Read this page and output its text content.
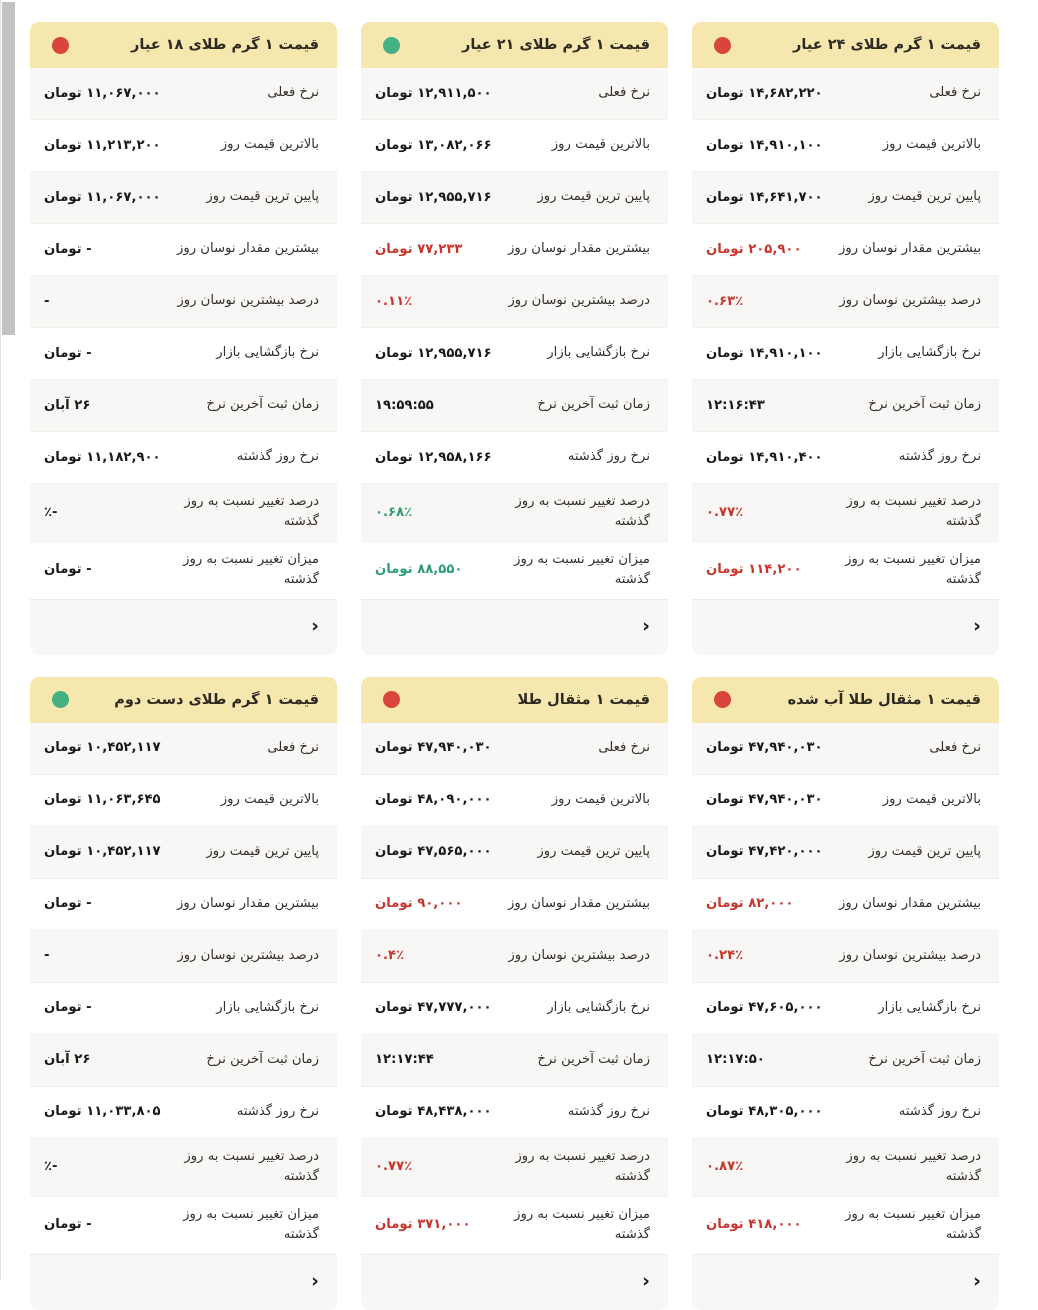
قیمت ۱ گرم طلای ۱۸ عیار
نرخ فعلی
۱۱,۰۶۷,۰۰۰ تومان
بالاترین قیمت روز
۱۱,۲۱۳,۲۰۰ تومان
پایین ترین قیمت روز
۱۱,۰۶۷,۰۰۰ تومان
بیشترین مقدار نوسان روز
- تومان
درصد بیشترین نوسان روز
-
نرخ بازگشایی بازار
- تومان
زمان ثبت آخرین نرخ
۲۶ آبان
نرخ روز گذشته
۱۱,۱۸۲,۹۰۰ تومان
درصد تغییر نسبت به روز گذشته
-٪
میزان تغییر نسبت به روز گذشته
- تومان
‹
قیمت ۱ گرم طلای ۲۱ عیار
نرخ فعلی
۱۲,۹۱۱,۵۰۰ تومان
بالاترین قیمت روز
۱۳,۰۸۲,۰۶۶ تومان
پایین ترین قیمت روز
۱۲,۹۵۵,۷۱۶ تومان
بیشترین مقدار نوسان روز
۷۷,۲۳۳ تومان
درصد بیشترین نوسان روز
۰.۱۱٪
نرخ بازگشایی بازار
۱۲,۹۵۵,۷۱۶ تومان
زمان ثبت آخرین نرخ
۱۹:۵۹:۵۵
نرخ روز گذشته
۱۲,۹۵۸,۱۶۶ تومان
درصد تغییر نسبت به روز گذشته
۰.۶۸٪
میزان تغییر نسبت به روز گذشته
۸۸,۵۵۰ تومان
‹
قیمت ۱ گرم طلای ۲۴ عیار
نرخ فعلی
۱۴,۶۸۲,۲۲۰ تومان
بالاترین قیمت روز
۱۴,۹۱۰,۱۰۰ تومان
پایین ترین قیمت روز
۱۴,۶۴۱,۷۰۰ تومان
بیشترین مقدار نوسان روز
۲۰۵,۹۰۰ تومان
درصد بیشترین نوسان روز
۰.۶۳٪
نرخ بازگشایی بازار
۱۴,۹۱۰,۱۰۰ تومان
زمان ثبت آخرین نرخ
۱۲:۱۶:۴۳
نرخ روز گذشته
۱۴,۹۱۰,۴۰۰ تومان
درصد تغییر نسبت به روز گذشته
۰.۷۷٪
میزان تغییر نسبت به روز گذشته
۱۱۴,۲۰۰ تومان
‹
قیمت ۱ گرم طلای دست دوم
نرخ فعلی
۱۰,۴۵۲,۱۱۷ تومان
بالاترین قیمت روز
۱۱,۰۶۳,۶۴۵ تومان
پایین ترین قیمت روز
۱۰,۴۵۲,۱۱۷ تومان
بیشترین مقدار نوسان روز
- تومان
درصد بیشترین نوسان روز
-
نرخ بازگشایی بازار
- تومان
زمان ثبت آخرین نرخ
۲۶ آبان
نرخ روز گذشته
۱۱,۰۳۳,۸۰۵ تومان
درصد تغییر نسبت به روز گذشته
-٪
میزان تغییر نسبت به روز گذشته
- تومان
‹
قیمت ۱ مثقال طلا
نرخ فعلی
۴۷,۹۴۰,۰۳۰ تومان
بالاترین قیمت روز
۴۸,۰۹۰,۰۰۰ تومان
پایین ترین قیمت روز
۴۷,۵۶۵,۰۰۰ تومان
بیشترین مقدار نوسان روز
۹۰,۰۰۰ تومان
درصد بیشترین نوسان روز
۰.۴٪
نرخ بازگشایی بازار
۴۷,۷۷۷,۰۰۰ تومان
زمان ثبت آخرین نرخ
۱۲:۱۷:۴۴
نرخ روز گذشته
۴۸,۴۳۸,۰۰۰ تومان
درصد تغییر نسبت به روز گذشته
۰.۷۷٪
میزان تغییر نسبت به روز گذشته
۳۷۱,۰۰۰ تومان
‹
قیمت ۱ مثقال طلا آب شده
نرخ فعلی
۴۷,۹۴۰,۰۳۰ تومان
بالاترین قیمت روز
۴۷,۹۴۰,۰۳۰ تومان
پایین ترین قیمت روز
۴۷,۴۲۰,۰۰۰ تومان
بیشترین مقدار نوسان روز
۸۲,۰۰۰ تومان
درصد بیشترین نوسان روز
۰.۲۴٪
نرخ بازگشایی بازار
۴۷,۶۰۵,۰۰۰ تومان
زمان ثبت آخرین نرخ
۱۲:۱۷:۵۰
نرخ روز گذشته
۴۸,۳۰۵,۰۰۰ تومان
درصد تغییر نسبت به روز گذشته
۰.۸۷٪
میزان تغییر نسبت به روز گذشته
۴۱۸,۰۰۰ تومان
‹
